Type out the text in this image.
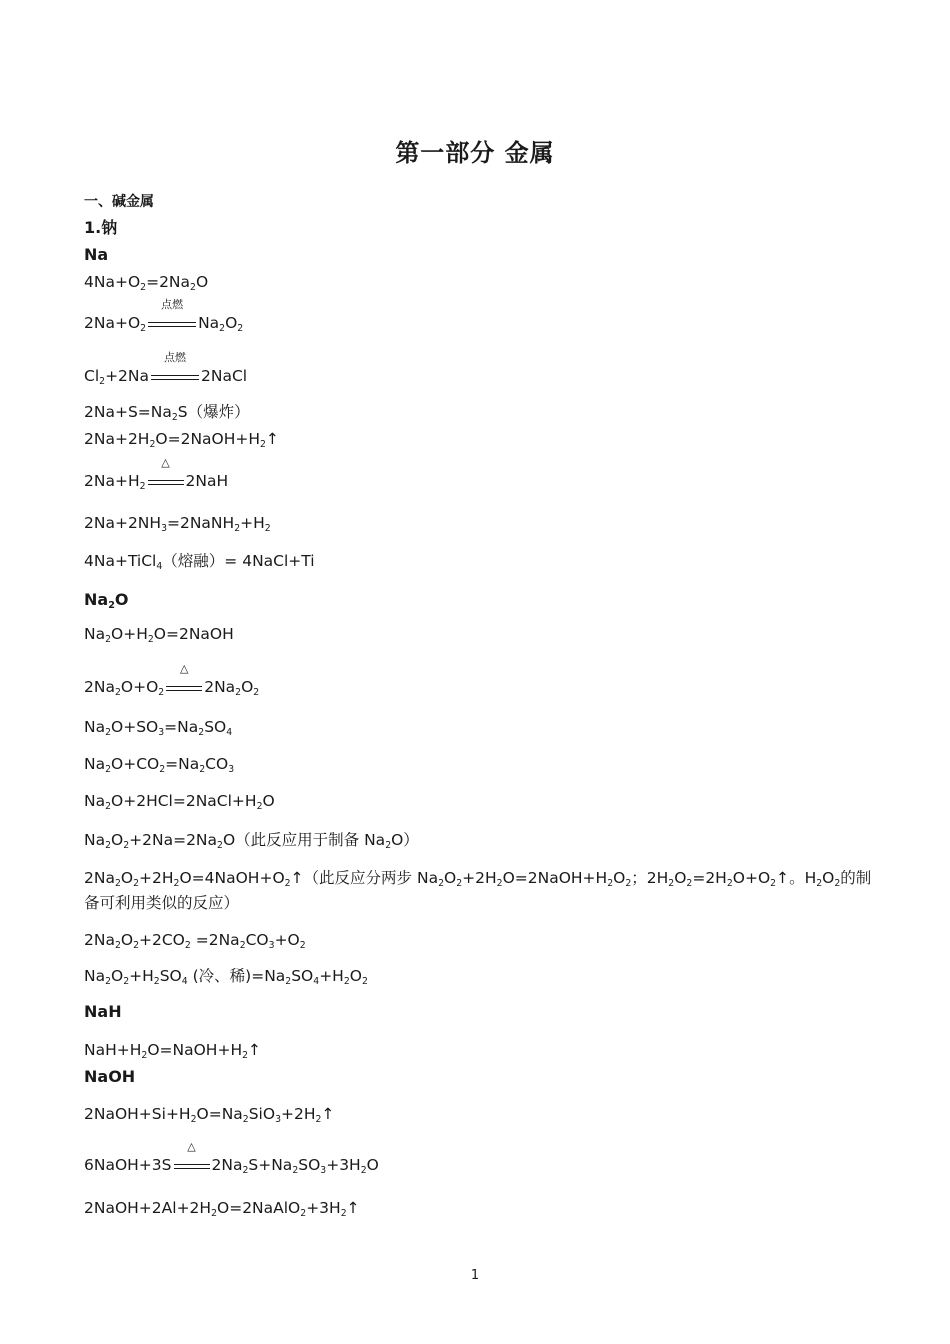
第一部分 金属
一、碱金属
1.钠
Na
$4Na+O_2=2Na_2O$
$2Na+O_2$
点燃
$Na_2O_2$
$Cl_2+2Na$
点燃
2NaCl
$2Na+S=Na_2S$（爆炸）
$2Na+2H_2O=2NaOH+H_2↑$
$2Na+H_2$
△
2NaH
$2Na+2NH_3=2NaNH_2+H_2$
4Na+TiCl$_4$（熔融）= 4NaCl+Ti
$Na_2O$
$Na_2O+H_2O=2NaOH$
$2Na_2O+O_2$
△
$2Na_2O_2$
$Na_2O+SO_3=Na_2SO_4$
$Na_2O+CO_2=Na_2CO_3$
$Na_2O+2HCl=2NaCl+H_2O$
$Na_2O_2+2Na=2Na_2O$（此反应用于制备 $Na_2O$）
$2Na_2O_2+2H_2O=4NaOH+O_2↑$（此反应分两步 $Na_2O_2+2H_2O=2NaOH+H_2O_2$；$2H_2O_2=2H_2O+O_2↑$。$H_2O_2$的制备可利用类似的反应）
$2Na_2O_2+2CO_2 =2Na_2CO_3+O_2$
$Na_2O_2+H_2SO_4$ (冷、稀)$=Na_2SO_4+H_2O_2$
NaH
$NaH+H_2O=NaOH+H_2↑$
NaOH
$2NaOH+Si+H_2O=Na_2SiO_3+2H_2↑$
6NaOH+3S
△
$2Na_2S+Na_2SO_3+3H_2O$
$2NaOH+2Al+2H_2O=2NaAlO_2+3H_2↑$
1
